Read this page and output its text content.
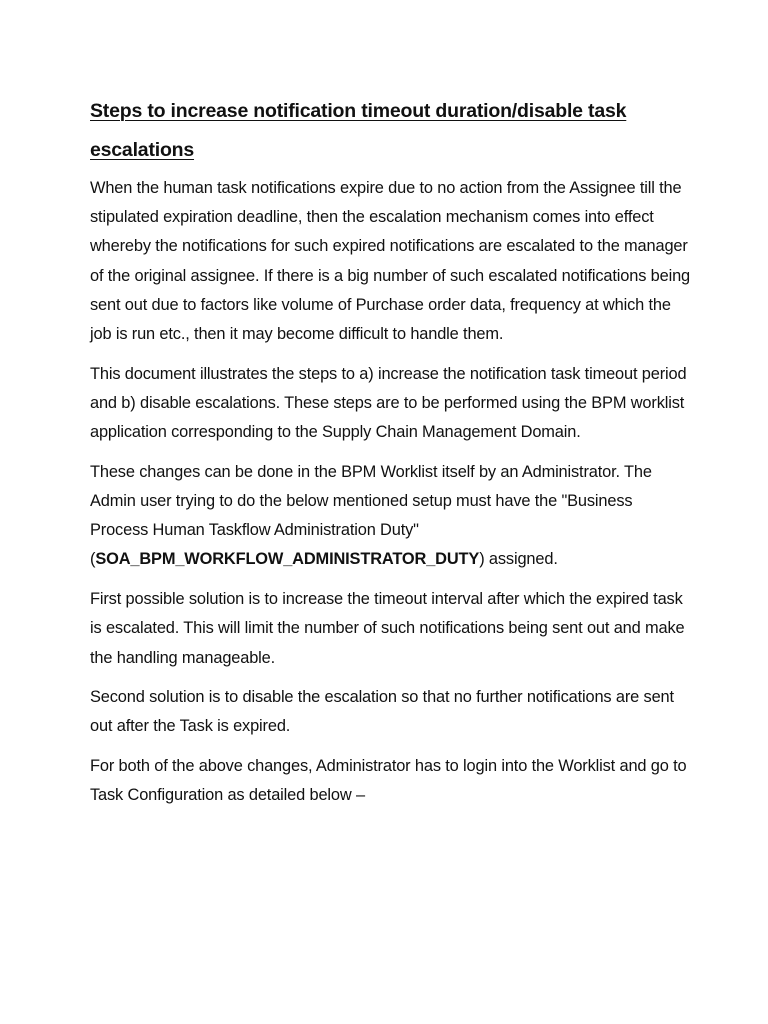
Steps to increase notification timeout duration/disable task escalations

When the human task notifications expire due to no action from the Assignee till the stipulated expiration deadline, then the escalation mechanism comes into effect whereby the notifications for such expired notifications are escalated to the manager of the original assignee. If there is a big number of such escalated notifications being sent out due to factors like volume of Purchase order data, frequency at which the job is run etc., then it may become difficult to handle them.

This document illustrates the steps to a) increase the notification task timeout period and b) disable escalations. These steps are to be performed using the BPM worklist application corresponding to the Supply Chain Management Domain.

These changes can be done in the BPM Worklist itself by an Administrator. The Admin user trying to do the below mentioned setup must have the "Business Process Human Taskflow Administration Duty" (SOA_BPM_WORKFLOW_ADMINISTRATOR_DUTY) assigned.

First possible solution is to increase the timeout interval after which the expired task is escalated. This will limit the number of such notifications being sent out and make the handling manageable.

Second solution is to disable the escalation so that no further notifications are sent out after the Task is expired.

For both of the above changes, Administrator has to login into the Worklist and go to Task Configuration as detailed below –
